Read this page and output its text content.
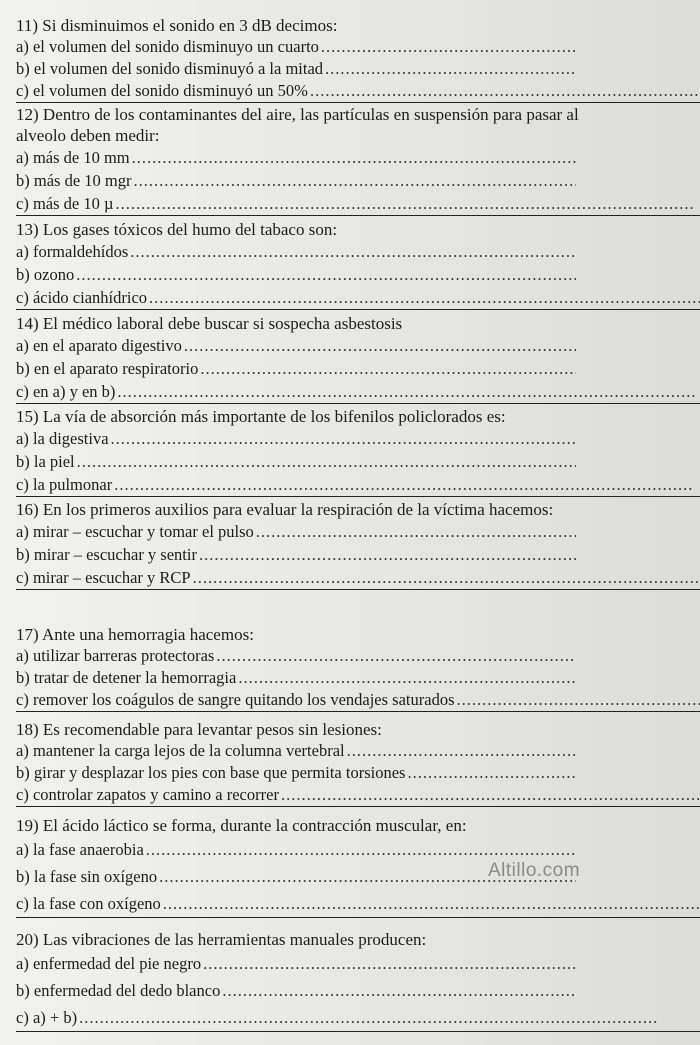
11) Si disminuimos el sonido en 3 dB decimos:
a) el volumen del sonido disminuyo un cuarto
.....
b) el volumen del sonido disminuyó a la mitad
.....
c) el volumen del sonido disminuyó un 50%
.....
12) Dentro de los contaminantes del aire, las partículas en suspensión para pasar al alveolo deben medir:
a) más de 10 mm
.....
b) más de 10 mgr
.....
c) más de 10 µ
.....
13) Los gases tóxicos del humo del tabaco son:
a) formaldehídos
.....
b) ozono
.....
c) ácido cianhídrico
.....
14) El médico laboral debe buscar si sospecha asbestosis
a) en el aparato digestivo
.....
b) en el aparato respiratorio
.....
c) en a) y en b)
.....
15) La vía de absorción más importante de los bifenilos policlorados es:
a) la digestiva
.....
b) la piel
.....
c) la pulmonar
.....
16) En los primeros auxilios para evaluar la respiración de la víctima hacemos:
a) mirar – escuchar y tomar el pulso
.....
b) mirar – escuchar y sentir
.....
c) mirar – escuchar y RCP
.....
17) Ante una hemorragia hacemos:
a) utilizar barreras protectoras
.....
b) tratar de detener la hemorragia
.....
c) remover los coágulos de sangre quitando los vendajes saturados
.....
18) Es recomendable para levantar pesos sin lesiones:
a) mantener la carga lejos de la columna vertebral
.....
b) girar y desplazar los pies con base que permita torsiones
.....
c) controlar zapatos y camino a recorrer
.....
19) El ácido láctico se forma, durante la contracción muscular, en:
a) la fase anaerobia
.....
b) la fase sin oxígeno
.....
c) la fase con oxígeno
.....
20) Las vibraciones de las herramientas manuales producen:
a) enfermedad del pie negro
.....
b) enfermedad del dedo blanco
.....
c) a) + b)
.....
Altillo.com
